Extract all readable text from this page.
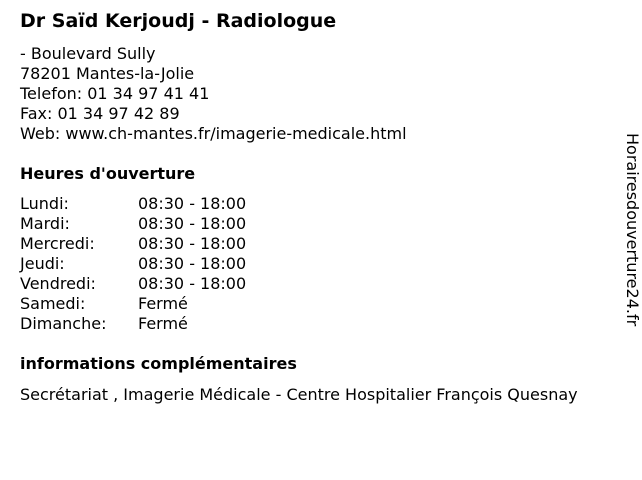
Dr Saïd Kerjoudj - Radiologue
- Boulevard Sully
78201 Mantes-la-Jolie
Telefon: 01 34 97 41 41
Fax: 01 34 97 42 89
Web: www.ch-mantes.fr/imagerie-medicale.html
Heures d'ouverture
Lundi:	08:30 - 18:00
Mardi:	08:30 - 18:00
Mercredi:	08:30 - 18:00
Jeudi:	08:30 - 18:00
Vendredi:	08:30 - 18:00
Samedi:	Fermé
Dimanche:	Fermé
informations complémentaires
Secrétariat , Imagerie Médicale - Centre Hospitalier François Quesnay
Horairesdouverture24.fr
